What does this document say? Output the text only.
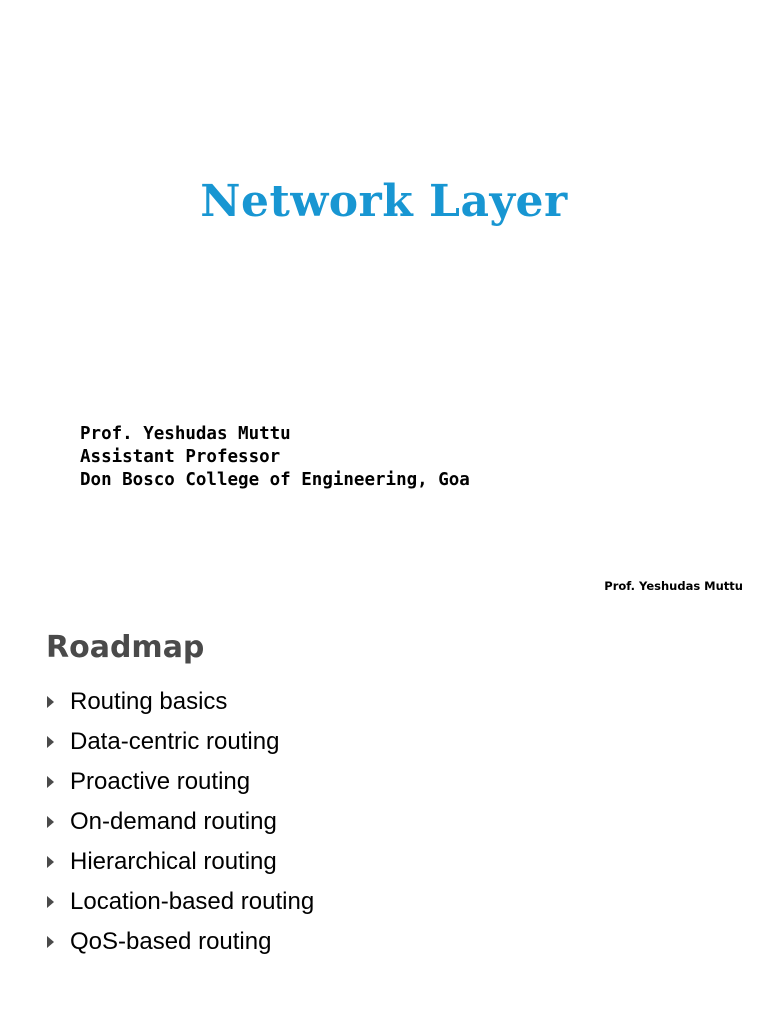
Network Layer
Prof. Yeshudas Muttu
Assistant Professor
Don Bosco College of Engineering, Goa
Prof. Yeshudas Muttu
Roadmap
Routing basics
Data-centric routing
Proactive routing
On-demand routing
Hierarchical routing
Location-based routing
QoS-based routing
